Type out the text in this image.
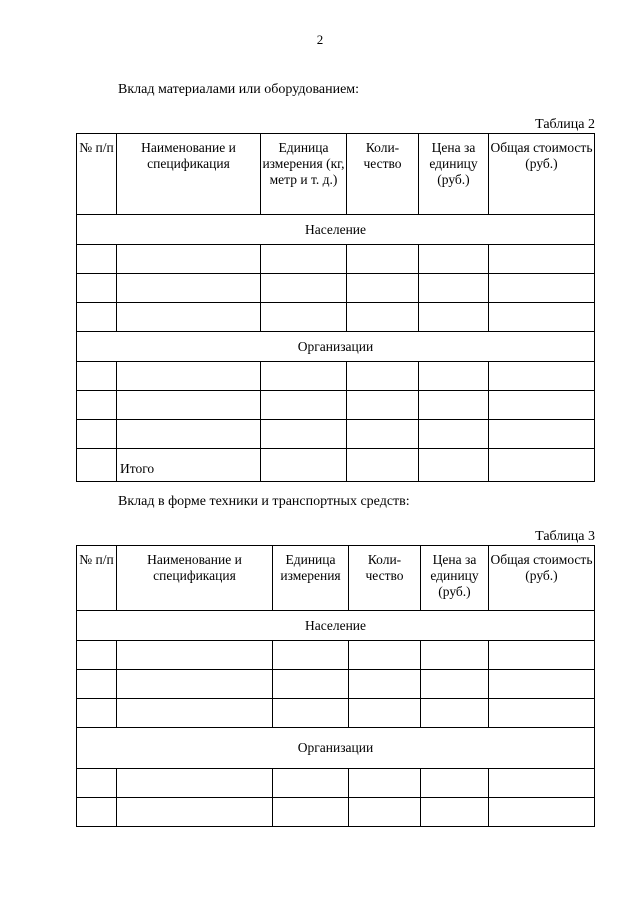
2
Вклад материалами или оборудованием:
Таблица 2
№ п/п	Наименование и спецификация	Единица измерения (кг, метр и т. д.)	Коли- чество	Цена за единицу (руб.)	Общая стоимость (руб.)
Население					

Организации					

	Итого				
Вклад в форме техники и транспортных средств:
Таблица 3
№ п/п	Наименование и спецификация	Единица измерения	Коли- чество	Цена за единицу (руб.)	Общая стоимость (руб.)
Население					

Организации					
